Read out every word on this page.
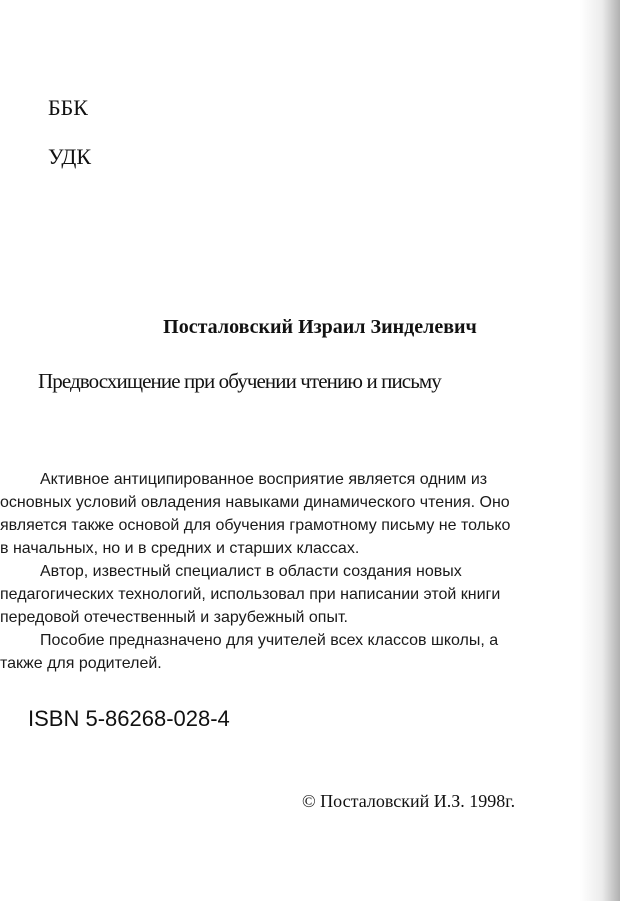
ББК

УДК

Посталовский Израил Зинделевич

Предвосхищение при обучении чтению и письму

Активное антиципированное восприятие является одним из
основных условий овладения навыками динамического чтения. Оно
является также основой для обучения грамотному письму не только
в начальных, но и в средних и старших классах.
Автор, известный специалист в области создания новых
педагогических технологий, использовал при написании этой книги
передовой отечественный и зарубежный опыт.
Пособие предназначено для учителей всех классов школы, а
также для родителей.

ISBN 5-86268-028-4

© Посталовский И.З. 1998г.
